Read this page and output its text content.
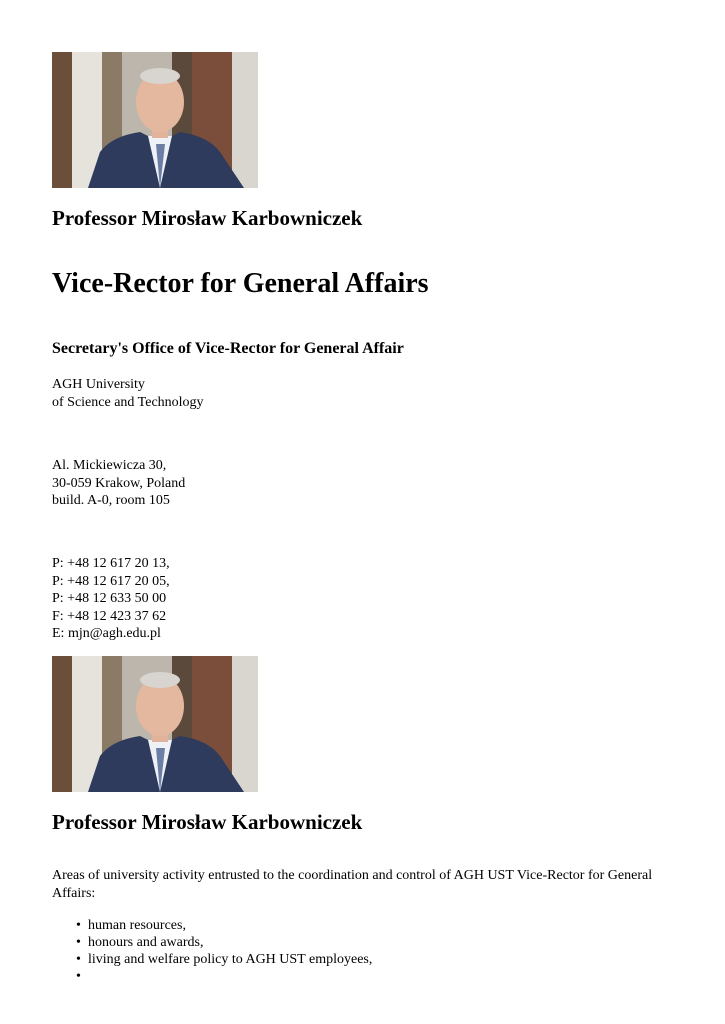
Professor Mirosław Karbowniczek
Vice-Rector for General Affairs
Secretary's Office of Vice-Rector for General Affair
AGH University
of Science and Technology
Al. Mickiewicza 30,
30-059 Krakow, Poland
build. A-0, room 105
P: +48 12 617 20 13,
P: +48 12 617 20 05,
P: +48 12 633 50 00
F: +48 12 423 37 62
E: mjn@agh.edu.pl
Professor Mirosław Karbowniczek

Areas of university activity entrusted to the coordination and control of AGH UST Vice-Rector for General Affairs:

• human resources,
• honours and awards,
• living and welfare policy to AGH UST employees,
•
